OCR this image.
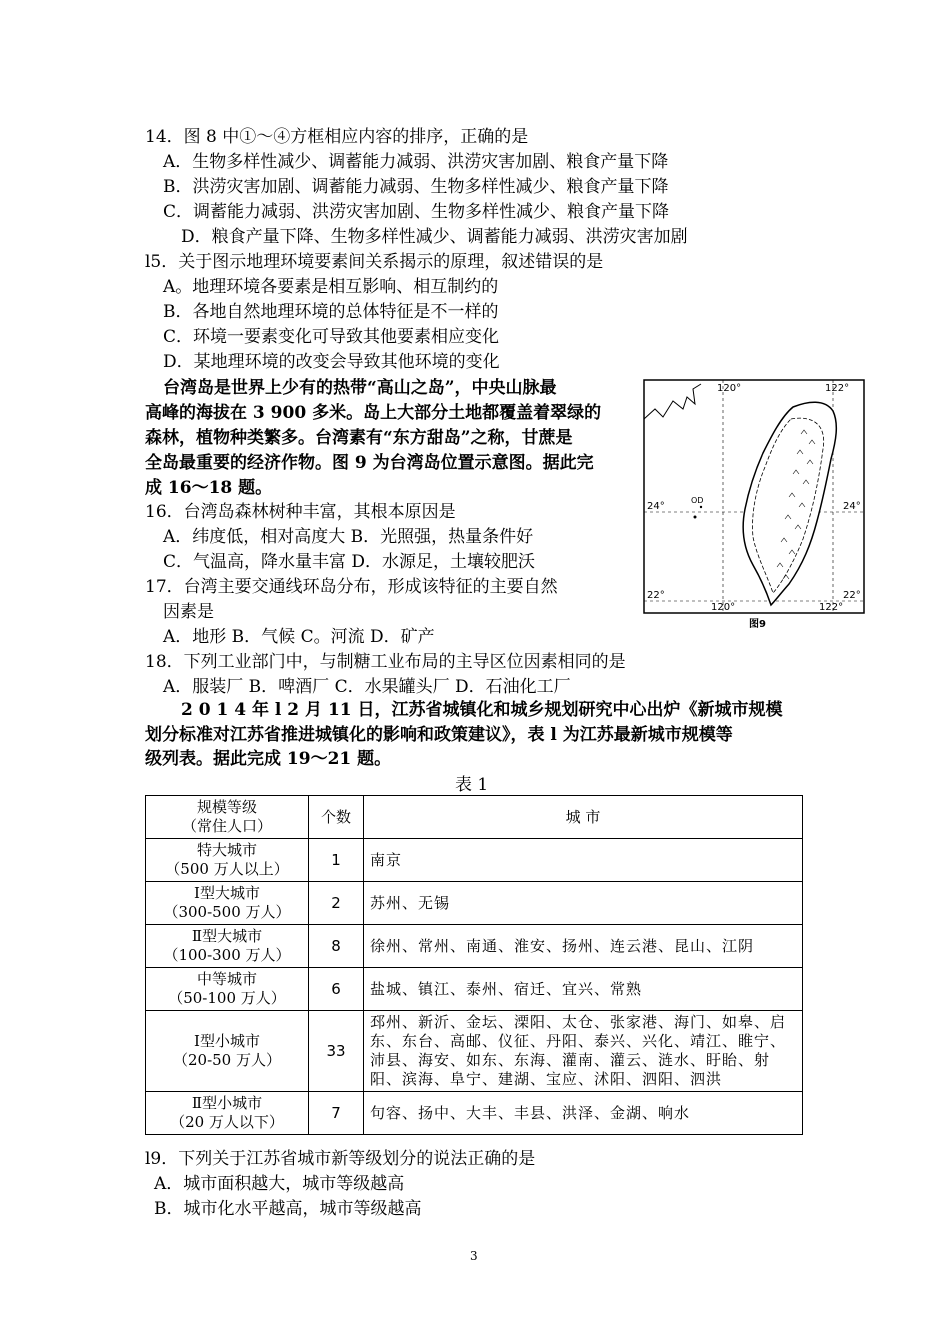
14．图 8 中①～④方框相应内容的排序，正确的是
A．生物多样性减少、调蓄能力减弱、洪涝灾害加剧、粮食产量下降
B．洪涝灾害加剧、调蓄能力减弱、生物多样性减少、粮食产量下降
C．调蓄能力减弱、洪涝灾害加剧、生物多样性减少、粮食产量下降
D．粮食产量下降、生物多样性减少、调蓄能力减弱、洪涝灾害加剧
l5．关于图示地理环境要素间关系揭示的原理，叙述错误的是
A。地理环境各要素是相互影响、相互制约的
B．各地自然地理环境的总体特征是不一样的
C．环境一要素变化可导致其他要素相应变化
D．某地理环境的改变会导致其他环境的变化
台湾岛是世界上少有的热带“高山之岛”，中央山脉最
高峰的海拔在 3 900 多米。岛上大部分土地都覆盖着翠绿的
森林，植物种类繁多。台湾素有“东方甜岛”之称，甘蔗是
全岛最重要的经济作物。图 9 为台湾岛位置示意图。据此完
成 16～18 题。
16．台湾岛森林树种丰富，其根本原因是
A．纬度低，相对高度大 B．光照强，热量条件好
C．气温高，降水量丰富 D．水源足，土壤较肥沃
17．台湾主要交通线环岛分布，形成该特征的主要自然
因素是
A．地形 B．气候 C。河流 D．矿产
18．下列工业部门中，与制糖工业布局的主导区位因素相同的是
A．服装厂 B．啤酒厂 C．水果罐头厂 D．石油化工厂
OD
120°	122°
24°	24°
22°	22°
120°	122°
图9
2 0 1 4 年 l 2 月 11 日，江苏省城镇化和城乡规划研究中心出炉《新城市规模
划分标准对江苏省推进城镇化的影响和政策建议》，表 l 为江苏最新城市规模等
级列表。据此完成 19～21 题。
表 1
规模等级
（常住人口）	个数	城 市

特大城市
（500 万人以上）	1	南京

Ⅰ型大城市
（300-500 万人）	2	苏州、无锡

Ⅱ型大城市
（100-300 万人）	8	徐州、常州、南通、淮安、扬州、连云港、昆山、江阴

中等城市
（50-100 万人）	6	盐城、镇江、泰州、宿迁、宜兴、常熟

Ⅰ型小城市
（20-50 万人）	33	邳州、新沂、金坛、溧阳、太仓、张家港、海门、如皋、启东、东台、高邮、仪征、丹阳、泰兴、兴化、靖江、睢宁、沛县、海安、如东、东海、灌南、灌云、涟水、盱眙、射阳、滨海、阜宁、建湖、宝应、沭阳、泗阳、泗洪

Ⅱ型小城市
（20 万人以下）	7	句容、扬中、大丰、丰县、洪泽、金湖、响水
l9．下列关于江苏省城市新等级划分的说法正确的是
A．城市面积越大，城市等级越高
B．城市化水平越高，城市等级越高
3
